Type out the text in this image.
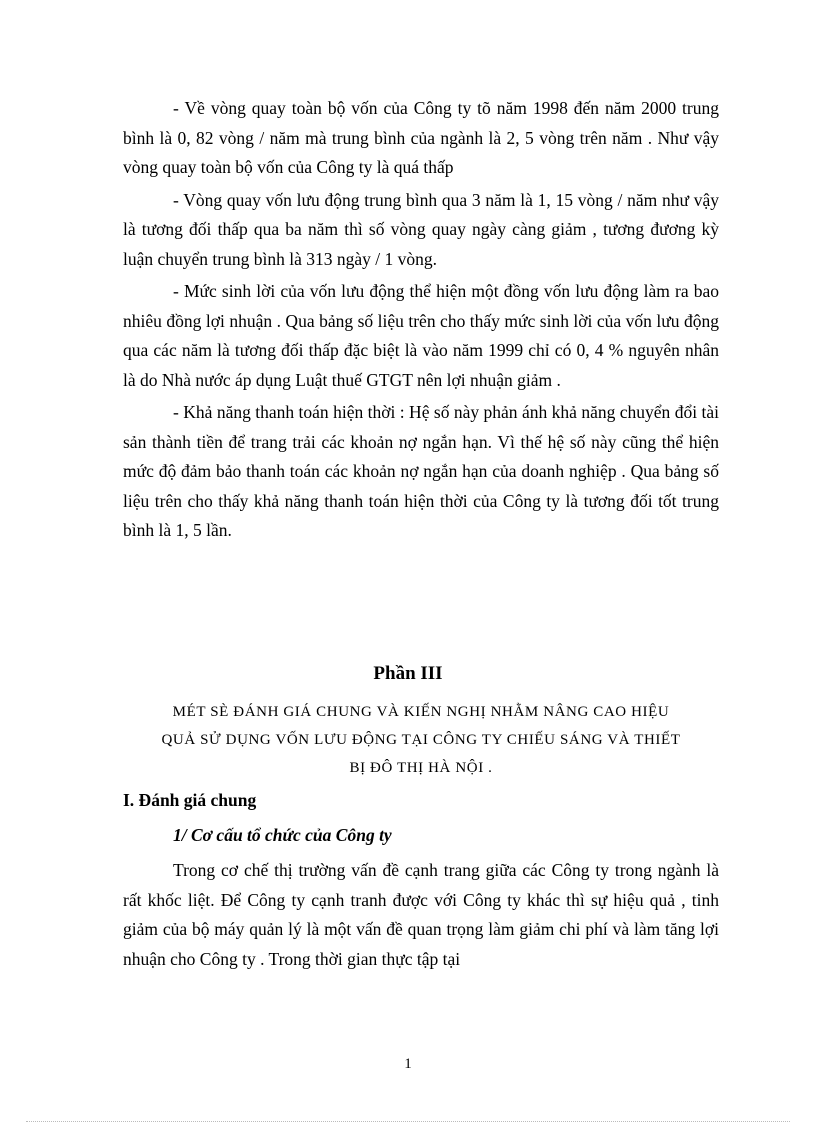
- Về vòng quay toàn bộ vốn của Công ty tõ năm 1998 đến năm 2000 trung bình là 0, 82 vòng / năm mà trung bình của ngành là 2, 5 vòng trên năm . Như vậy vòng quay toàn bộ vốn của Công ty là quá thấp

- Vòng quay vốn lưu động trung bình qua 3 năm là 1, 15 vòng / năm như vậy là tương đối thấp qua ba năm thì số vòng quay ngày càng giảm , tương đương kỳ luận chuyển trung bình là 313 ngày / 1 vòng.

- Mức sinh lời của vốn lưu động thể hiện một đồng vốn lưu động làm ra bao nhiêu đồng lợi nhuận . Qua bảng số liệu trên cho thấy mức sinh lời của vốn lưu động qua các năm là tương đối thấp đặc biệt là vào năm 1999 chỉ có 0, 4 % nguyên nhân là do Nhà nước áp dụng Luật thuế GTGT nên lợi nhuận giảm .

- Khả năng thanh toán hiện thời : Hệ số này phản ánh khả năng chuyển đổi tài sản thành tiền để trang trải các khoản nợ ngắn hạn. Vì thế hệ số này cũng thể hiện mức độ đảm bảo thanh toán các khoản nợ ngắn hạn của doanh nghiệp . Qua bảng số liệu trên cho thấy khả năng thanh toán hiện thời của Công ty là tương đối tốt trung bình là 1, 5 lần.

Phần III
MÉT SÈ ĐÁNH GIÁ CHUNG VÀ KIẾN NGHỊ NHẰM NÂNG CAO HIỆU
QUẢ SỬ DỤNG VỐN LƯU ĐỘNG TẠI CÔNG TY CHIẾU SÁNG VÀ THIẾT
BỊ ĐÔ THỊ HÀ NỘI .
I. Đánh giá chung
1/ Cơ cấu tổ chức của Công ty

Trong cơ chế thị trường vấn đề cạnh trang giữa các Công ty trong ngành là rất khốc liệt. Để Công ty cạnh tranh được với Công ty khác thì sự hiệu quả , tinh giảm của bộ máy quản lý là một vấn đề quan trọng làm giảm chi phí và làm tăng lợi nhuận cho Công ty . Trong thời gian thực tập tại

1
